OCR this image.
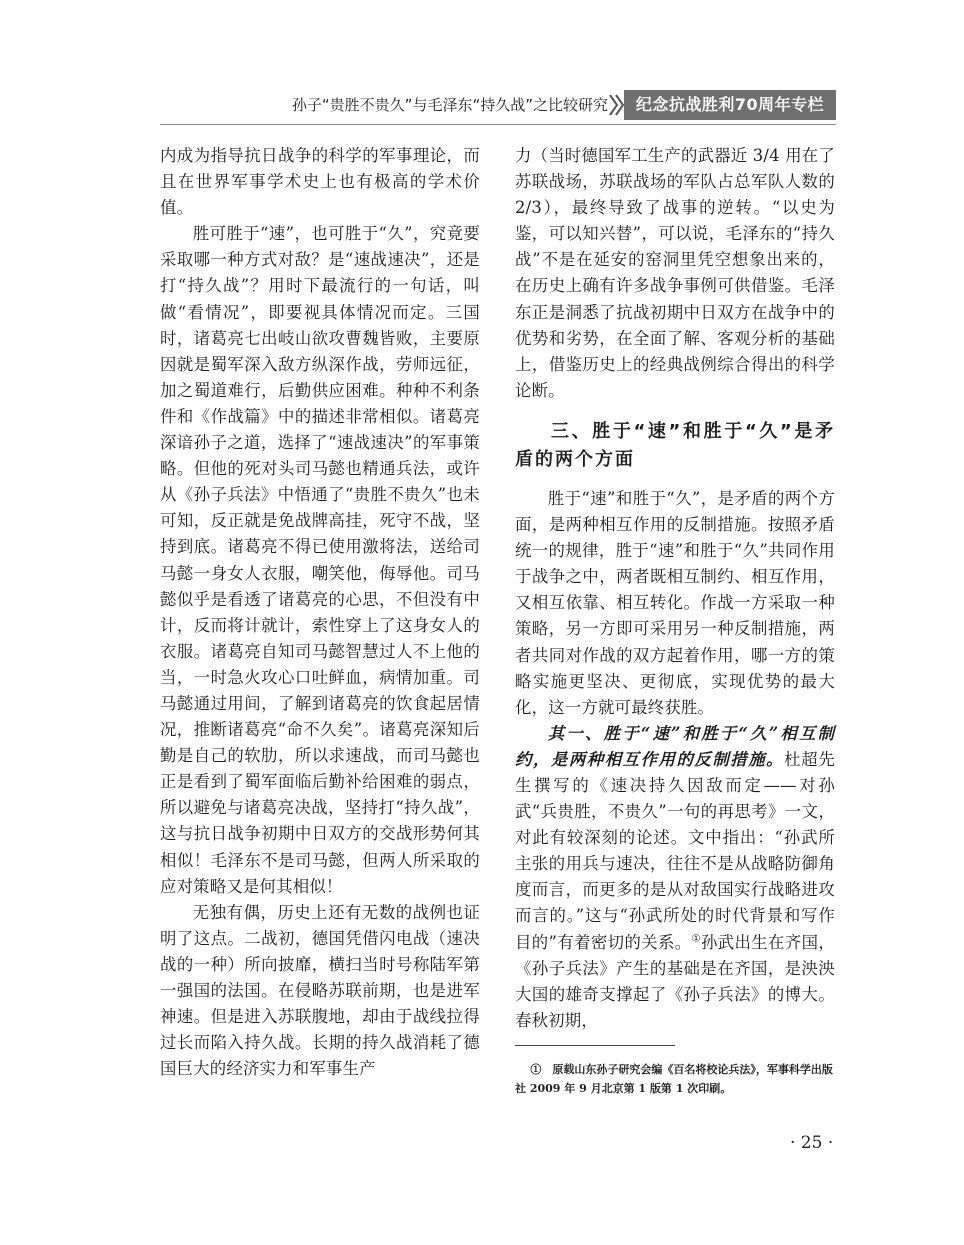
孙子“贵胜不贵久”与毛泽东“持久战”之比较研究	纪念抗战胜利70周年专栏

内成为指导抗日战争的科学的军事理论，而且在世界军事学术史上也有极高的学术价值。

胜可胜于“速”，也可胜于“久”，究竟要采取哪一种方式对敌？是“速战速决”，还是打“持久战”？用时下最流行的一句话，叫做“看情况”，即要视具体情况而定。三国时，诸葛亮七出岐山欲攻曹魏皆败，主要原因就是蜀军深入敌方纵深作战，劳师远征，加之蜀道难行，后勤供应困难。种种不利条件和《作战篇》中的描述非常相似。诸葛亮深谙孙子之道，选择了“速战速决”的军事策略。但他的死对头司马懿也精通兵法，或许从《孙子兵法》中悟通了“贵胜不贵久”也未可知，反正就是免战牌高挂，死守不战，坚持到底。诸葛亮不得已使用激将法，送给司马懿一身女人衣服，嘲笑他，侮辱他。司马懿似乎是看透了诸葛亮的心思，不但没有中计，反而将计就计，索性穿上了这身女人的衣服。诸葛亮自知司马懿智慧过人不上他的当，一时急火攻心口吐鲜血，病情加重。司马懿通过用间，了解到诸葛亮的饮食起居情况，推断诸葛亮“命不久矣”。诸葛亮深知后勤是自己的软肋，所以求速战，而司马懿也正是看到了蜀军面临后勤补给困难的弱点，所以避免与诸葛亮决战，坚持打“持久战”，这与抗日战争初期中日双方的交战形势何其相似！毛泽东不是司马懿，但两人所采取的应对策略又是何其相似！

无独有偶，历史上还有无数的战例也证明了这点。二战初，德国凭借闪电战（速决战的一种）所向披靡，横扫当时号称陆军第一强国的法国。在侵略苏联前期，也是进军神速。但是进入苏联腹地，却由于战线拉得过长而陷入持久战。长期的持久战消耗了德国巨大的经济实力和军事生产

力（当时德国军工生产的武器近 3/4 用在了苏联战场，苏联战场的军队占总军队人数的 2/3），最终导致了战事的逆转。“以史为鉴，可以知兴替”，可以说，毛泽东的“持久战”不是在延安的窑洞里凭空想象出来的，在历史上确有许多战争事例可供借鉴。毛泽东正是洞悉了抗战初期中日双方在战争中的优势和劣势，在全面了解、客观分析的基础上，借鉴历史上的经典战例综合得出的科学论断。

三、胜于“速”和胜于“久”是矛盾的两个方面

胜于“速”和胜于“久”，是矛盾的两个方面，是两种相互作用的反制措施。按照矛盾统一的规律，胜于“速”和胜于“久”共同作用于战争之中，两者既相互制约、相互作用，又相互依靠、相互转化。作战一方采取一种策略，另一方即可采用另一种反制措施，两者共同对作战的双方起着作用，哪一方的策略实施更坚决、更彻底，实现优势的最大化，这一方就可最终获胜。

其一、胜于“速”和胜于“久”相互制约，是两种相互作用的反制措施。杜超先生撰写的《速决持久因敌而定——对孙武“兵贵胜，不贵久”一句的再思考》一文，对此有较深刻的论述。文中指出：“孙武所主张的用兵与速决，往往不是从战略防御角度而言，而更多的是从对敌国实行战略进攻而言的。”这与“孙武所处的时代背景和写作目的”有着密切的关系。①孙武出生在齐国，《孙子兵法》产生的基础是在齐国，是泱泱大国的雄奇支撑起了《孙子兵法》的博大。春秋初期，

①　原载山东孙子研究会编《百名将校论兵法》，军事科学出版社 2009 年 9 月北京第 1 版第 1 次印刷。
· 25 ·
